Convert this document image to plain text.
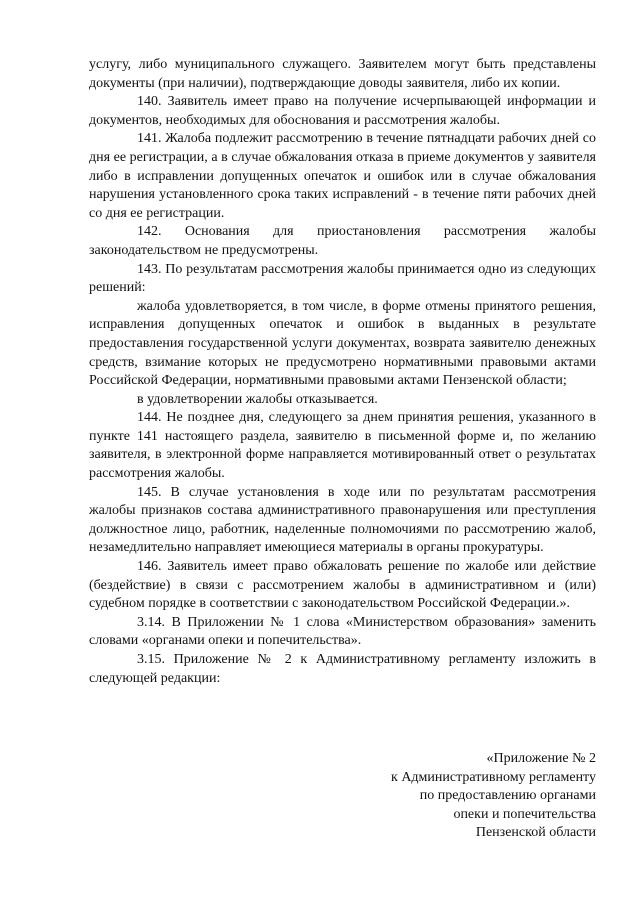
услугу, либо муниципального служащего. Заявителем могут быть представлены документы (при наличии), подтверждающие доводы заявителя, либо их копии.

140. Заявитель имеет право на получение исчерпывающей информации и документов, необходимых для обоснования и рассмотрения жалобы.

141. Жалоба подлежит рассмотрению в течение пятнадцати рабочих дней со дня ее регистрации, а в случае обжалования отказа в приеме документов у заявителя либо в исправлении допущенных опечаток и ошибок или в случае обжалования нарушения установленного срока таких исправлений - в течение пяти рабочих дней со дня ее регистрации.

142. Основания для приостановления рассмотрения жалобы законодательством не предусмотрены.

143. По результатам рассмотрения жалобы принимается одно из следующих решений:

жалоба удовлетворяется, в том числе, в форме отмены принятого решения, исправления допущенных опечаток и ошибок в выданных в результате предоставления государственной услуги документах, возврата заявителю денежных средств, взимание которых не предусмотрено нормативными правовыми актами Российской Федерации, нормативными правовыми актами Пензенской области;

в удовлетворении жалобы отказывается.

144. Не позднее дня, следующего за днем принятия решения, указанного в пункте 141 настоящего раздела, заявителю в письменной форме и, по желанию заявителя, в электронной форме направляется мотивированный ответ о результатах рассмотрения жалобы.

145. В случае установления в ходе или по результатам рассмотрения жалобы признаков состава административного правонарушения или преступления должностное лицо, работник, наделенные полномочиями по рассмотрению жалоб, незамедлительно направляет имеющиеся материалы в органы прокуратуры.

146. Заявитель имеет право обжаловать решение по жалобе или действие (бездействие) в связи с рассмотрением жалобы в административном и (или) судебном порядке в соответствии с законодательством Российской Федерации.».

3.14. В Приложении № 1 слова «Министерством образования» заменить словами «органами опеки и попечительства».

3.15. Приложение № 2 к Административному регламенту изложить в следующей редакции:

«Приложение № 2
к Административному регламенту
по предоставлению органами
опеки и попечительства
Пензенской области
